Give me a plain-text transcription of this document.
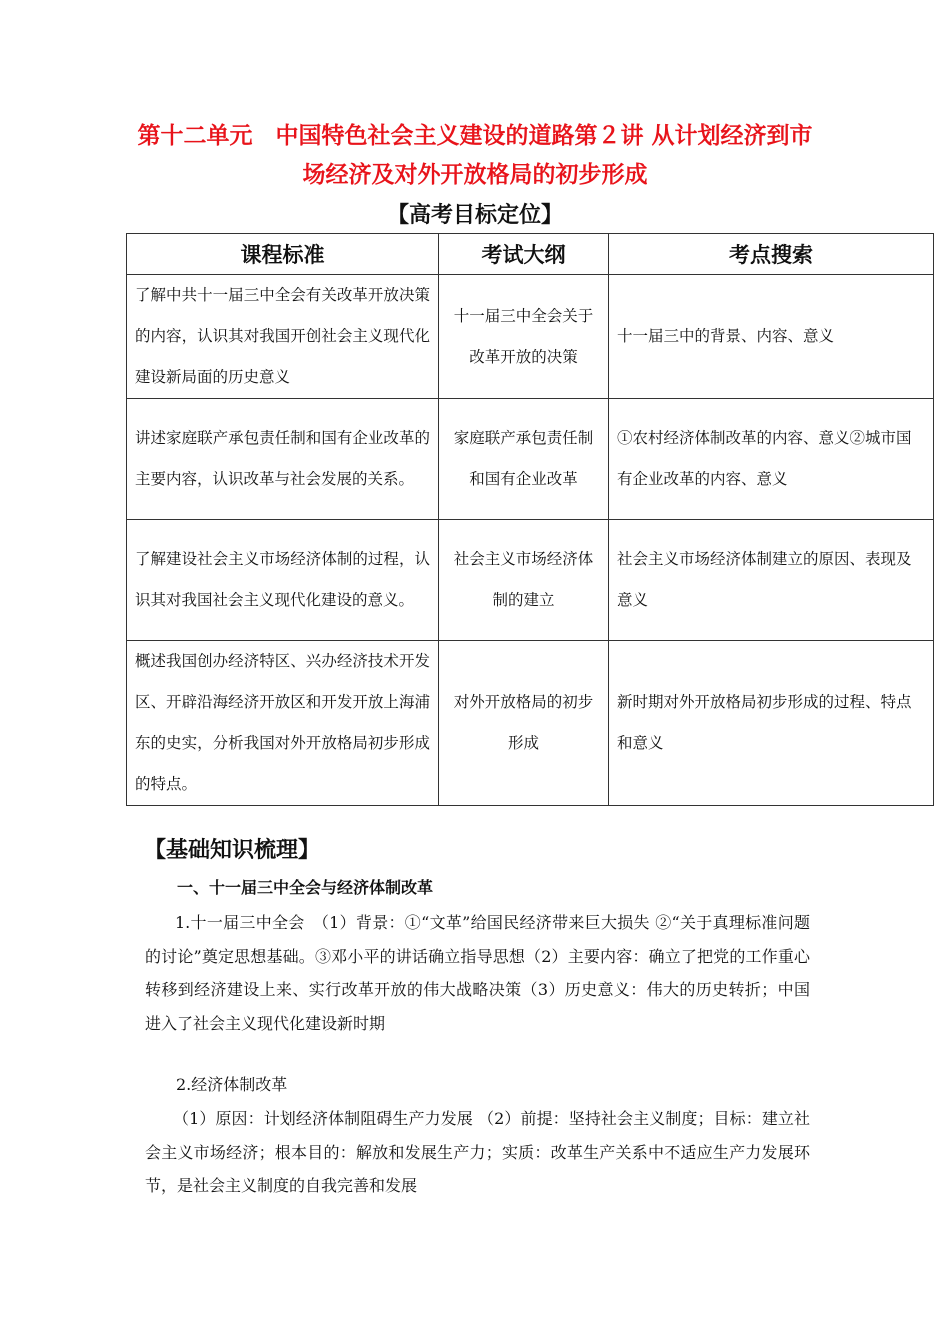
第十二单元　中国特色社会主义建设的道路第２讲 从计划经济到市
场经济及对外开放格局的初步形成
【高考目标定位】
课程标准	考试大纲	考点搜索
了解中共十一届三中全会有关改革开放决策的内容，认识其对我国开创社会主义现代化建设新局面的历史意义	十一届三中全会关于改革开放的决策	十一届三中的背景、内容、意义
讲述家庭联产承包责任制和国有企业改革的主要内容，认识改革与社会发展的关系。	家庭联产承包责任制和国有企业改革	①农村经济体制改革的内容、意义②城市国有企业改革的内容、意义
了解建设社会主义市场经济体制的过程，认识其对我国社会主义现代化建设的意义。	社会主义市场经济体制的建立	社会主义市场经济体制建立的原因、表现及意义
概述我国创办经济特区、兴办经济技术开发区、开辟沿海经济开放区和开发开放上海浦东的史实，分析我国对外开放格局初步形成的特点。	对外开放格局的初步形成	新时期对外开放格局初步形成的过程、特点和意义
【基础知识梳理】
一、十一届三中全会与经济体制改革
1.十一届三中全会　（1）背景：①“文革”给国民经济带来巨大损失 ②“关于真理标准问题的讨论”奠定思想基础。③邓小平的讲话确立指导思想（2）主要内容：确立了把党的工作重心转移到经济建设上来、实行改革开放的伟大战略决策（3）历史意义：伟大的历史转折；中国进入了社会主义现代化建设新时期
2.经济体制改革
（1）原因：计划经济体制阻碍生产力发展 （2）前提：坚持社会主义制度；目标：建立社会主义市场经济；根本目的：解放和发展生产力；实质：改革生产关系中不适应生产力发展环节，是社会主义制度的自我完善和发展
